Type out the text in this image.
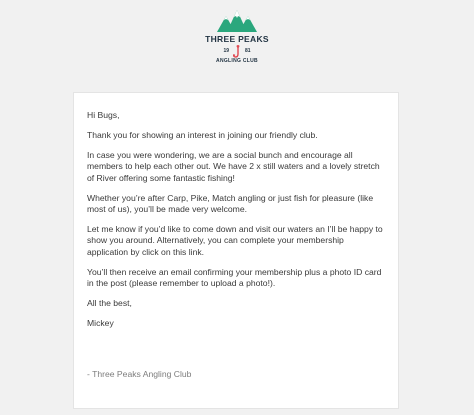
THREE PEAKS
19	81
ANGLING CLUB

Hi Bugs,

Thank you for showing an interest in joining our friendly club.

In case you were wondering, we are a social bunch and encourage all members to help each other out. We have 2 x still waters and a lovely stretch of River offering some fantastic fishing!

Whether you’re after Carp, Pike, Match angling or just fish for pleasure (like most of us), you’ll be made very welcome.

Let me know if you’d like to come down and visit our waters an I’ll be happy to show you around. Alternatively, you can complete your membership application by click on this link.

You’ll then receive an email confirming your membership plus a photo ID card in the post (please remember to upload a photo!).

All the best,

Mickey

- Three Peaks Angling Club
